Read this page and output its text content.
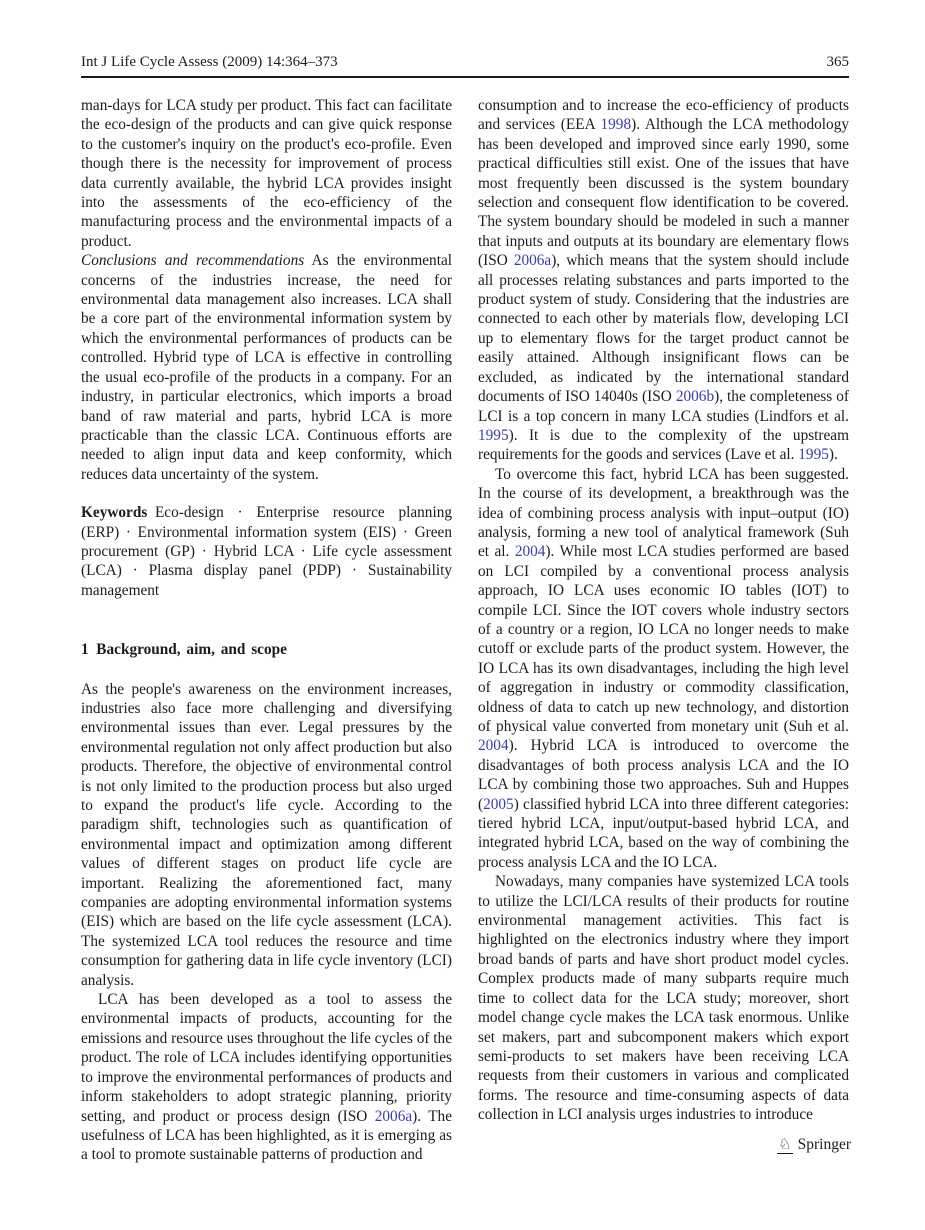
Int J Life Cycle Assess (2009) 14:364–373	365

man-days for LCA study per product. This fact can facilitate the eco-design of the products and can give quick response to the customer's inquiry on the product's eco-profile. Even though there is the necessity for improvement of process data currently available, the hybrid LCA provides insight into the assessments of the eco-efficiency of the manufacturing process and the environmental impacts of a product.

Conclusions and recommendations As the environmental concerns of the industries increase, the need for environmental data management also increases. LCA shall be a core part of the environmental information system by which the environmental performances of products can be controlled. Hybrid type of LCA is effective in controlling the usual eco-profile of the products in a company. For an industry, in particular electronics, which imports a broad band of raw material and parts, hybrid LCA is more practicable than the classic LCA. Continuous efforts are needed to align input data and keep conformity, which reduces data uncertainty of the system.

Keywords Eco-design · Enterprise resource planning (ERP) · Environmental information system (EIS) · Green procurement (GP) · Hybrid LCA · Life cycle assessment (LCA) · Plasma display panel (PDP) · Sustainability management

1 Background, aim, and scope

As the people's awareness on the environment increases, industries also face more challenging and diversifying environmental issues than ever. Legal pressures by the environmental regulation not only affect production but also products. Therefore, the objective of environmental control is not only limited to the production process but also urged to expand the product's life cycle. According to the paradigm shift, technologies such as quantification of environmental impact and optimization among different values of different stages on product life cycle are important. Realizing the aforementioned fact, many companies are adopting environmental information systems (EIS) which are based on the life cycle assessment (LCA). The systemized LCA tool reduces the resource and time consumption for gathering data in life cycle inventory (LCI) analysis.

LCA has been developed as a tool to assess the environmental impacts of products, accounting for the emissions and resource uses throughout the life cycles of the product. The role of LCA includes identifying opportunities to improve the environmental performances of products and inform stakeholders to adopt strategic planning, priority setting, and product or process design (ISO 2006a). The usefulness of LCA has been highlighted, as it is emerging as a tool to promote sustainable patterns of production and

consumption and to increase the eco-efficiency of products and services (EEA 1998). Although the LCA methodology has been developed and improved since early 1990, some practical difficulties still exist. One of the issues that have most frequently been discussed is the system boundary selection and consequent flow identification to be covered. The system boundary should be modeled in such a manner that inputs and outputs at its boundary are elementary flows (ISO 2006a), which means that the system should include all processes relating substances and parts imported to the product system of study. Considering that the industries are connected to each other by materials flow, developing LCI up to elementary flows for the target product cannot be easily attained. Although insignificant flows can be excluded, as indicated by the international standard documents of ISO 14040s (ISO 2006b), the completeness of LCI is a top concern in many LCA studies (Lindfors et al. 1995). It is due to the complexity of the upstream requirements for the goods and services (Lave et al. 1995).

To overcome this fact, hybrid LCA has been suggested. In the course of its development, a breakthrough was the idea of combining process analysis with input–output (IO) analysis, forming a new tool of analytical framework (Suh et al. 2004). While most LCA studies performed are based on LCI compiled by a conventional process analysis approach, IO LCA uses economic IO tables (IOT) to compile LCI. Since the IOT covers whole industry sectors of a country or a region, IO LCA no longer needs to make cutoff or exclude parts of the product system. However, the IO LCA has its own disadvantages, including the high level of aggregation in industry or commodity classification, oldness of data to catch up new technology, and distortion of physical value converted from monetary unit (Suh et al. 2004). Hybrid LCA is introduced to overcome the disadvantages of both process analysis LCA and the IO LCA by combining those two approaches. Suh and Huppes (2005) classified hybrid LCA into three different categories: tiered hybrid LCA, input/output-based hybrid LCA, and integrated hybrid LCA, based on the way of combining the process analysis LCA and the IO LCA.

Nowadays, many companies have systemized LCA tools to utilize the LCI/LCA results of their products for routine environmental management activities. This fact is highlighted on the electronics industry where they import broad bands of parts and have short product model cycles. Complex products made of many subparts require much time to collect data for the LCA study; moreover, short model change cycle makes the LCA task enormous. Unlike set makers, part and subcomponent makers which export semi-products to set makers have been receiving LCA requests from their customers in various and complicated forms. The resource and time-consuming aspects of data collection in LCI analysis urges industries to introduce

♘ Springer
